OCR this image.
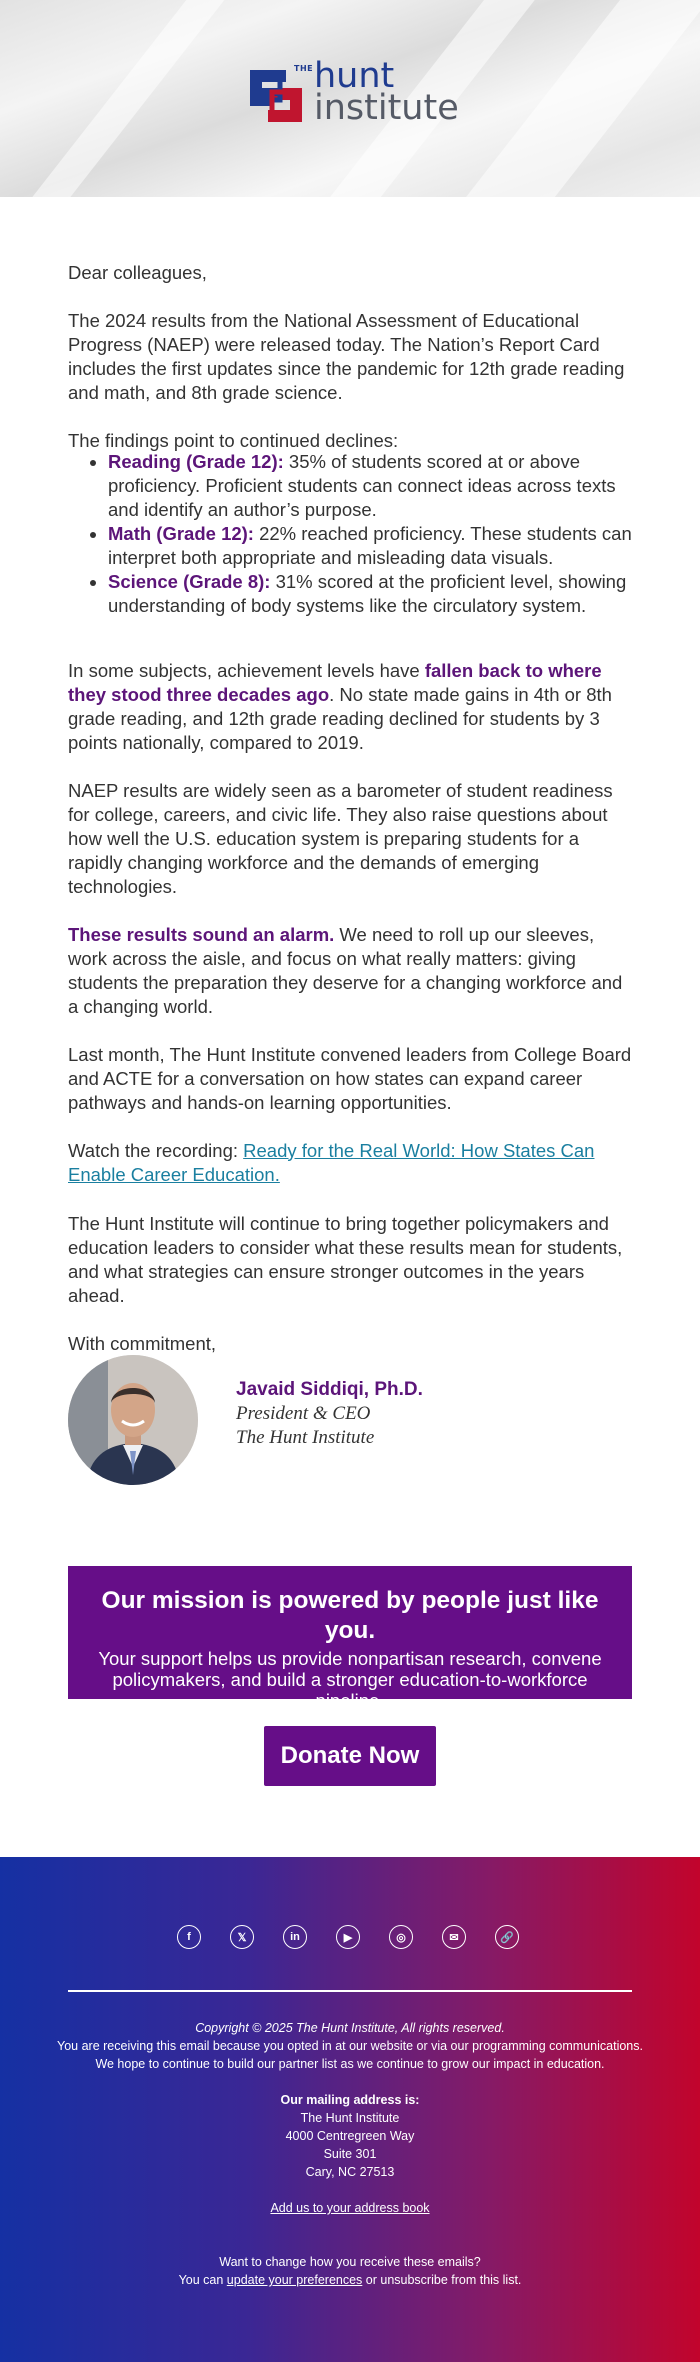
THE hunt
institute

Dear colleagues,

The 2024 results from the National Assessment of Educational Progress (NAEP) were released today. The Nation’s Report Card includes the first updates since the pandemic for 12th grade reading and math, and 8th grade science.

The findings point to continued declines:

• Reading (Grade 12): 35% of students scored at or above proficiency. Proficient students can connect ideas across texts and identify an author’s purpose.
• Math (Grade 12): 22% reached proficiency. These students can interpret both appropriate and misleading data visuals.
• Science (Grade 8): 31% scored at the proficient level, showing understanding of body systems like the circulatory system.

In some subjects, achievement levels have fallen back to where they stood three decades ago. No state made gains in 4th or 8th grade reading, and 12th grade reading declined for students by 3 points nationally, compared to 2019.

NAEP results are widely seen as a barometer of student readiness for college, careers, and civic life. They also raise questions about how well the U.S. education system is preparing students for a rapidly changing workforce and the demands of emerging technologies.

These results sound an alarm. We need to roll up our sleeves, work across the aisle, and focus on what really matters: giving students the preparation they deserve for a changing workforce and a changing world.

Last month, The Hunt Institute convened leaders from College Board and ACTE for a conversation on how states can expand career pathways and hands-on learning opportunities.

Watch the recording: Ready for the Real World: How States Can Enable Career Education.

The Hunt Institute will continue to bring together policymakers and education leaders to consider what these results mean for students, and what strategies can ensure stronger outcomes in the years ahead.

With commitment,

Javaid Siddiqi, Ph.D.
President & CEO
The Hunt Institute
Our mission is powered by people just like you.
Your support helps us provide nonpartisan research, convene policymakers, and build a stronger education-to-workforce pipeline.
Donate Now
f	𝕏	in	▶	◎	✉	🔗
Copyright © 2025 The Hunt Institute, All rights reserved.
You are receiving this email because you opted in at our website or via our programming communications.
We hope to continue to build our partner list as we continue to grow our impact in education.
Our mailing address is:
The Hunt Institute
4000 Centregreen Way
Suite 301
Cary, NC 27513
Add us to your address book
Want to change how you receive these emails?
You can update your preferences or unsubscribe from this list.
